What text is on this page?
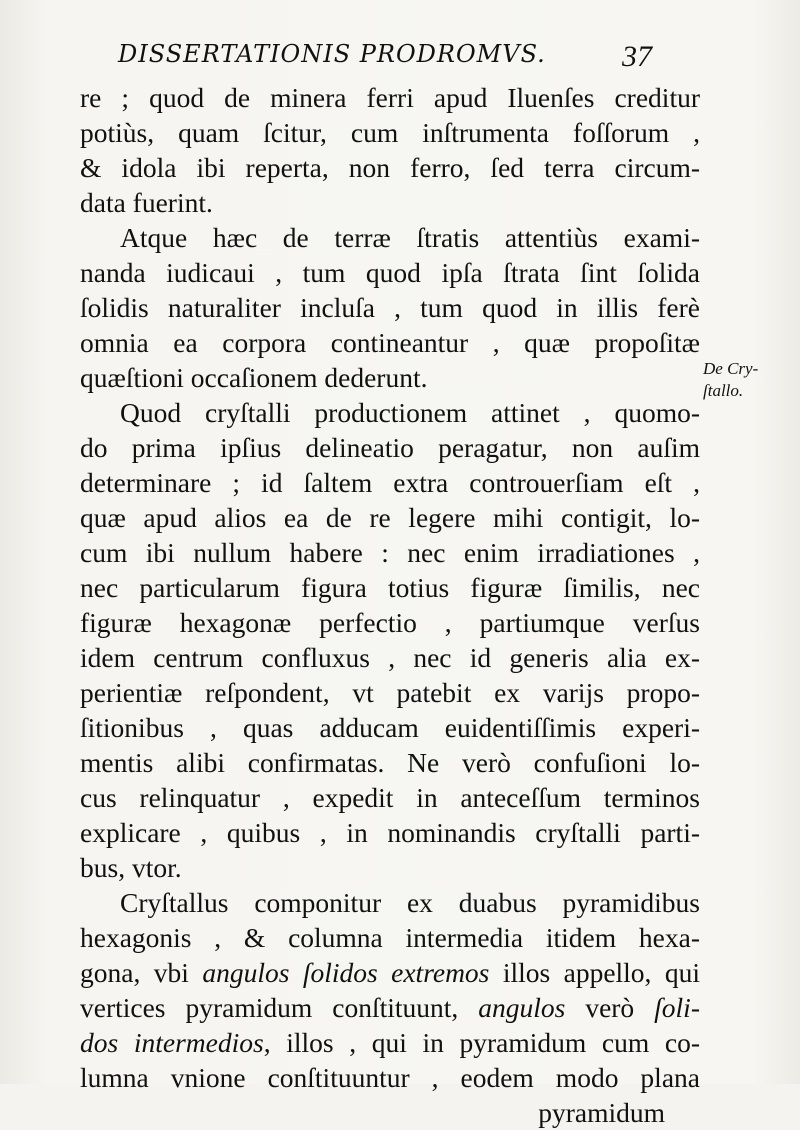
DISSERTATIONIS PRODROMVS.	37
De Cry-
ſtallo.
re ; quod de minera ferri apud Iluenſes creditur
potiùs, quam ſcitur, cum inſtrumenta foſſorum ,
& idola ibi reperta, non ferro, ſed terra circum-
data fuerint.
Atque hæc de terræ ſtratis attentiùs exami-
nanda iudicaui , tum quod ipſa ſtrata ſint ſolida
ſolidis naturaliter incluſa , tum quod in illis ferè
omnia ea corpora contineantur , quæ propoſitæ
quæſtioni occaſionem dederunt.
Quod cryſtalli productionem attinet , quomo-
do prima ipſius delineatio peragatur, non auſim
determinare ; id ſaltem extra controuerſiam eſt ,
quæ apud alios ea de re legere mihi contigit, lo-
cum ibi nullum habere : nec enim irradiationes ,
nec particularum figura totius figuræ ſimilis, nec
figuræ hexagonæ perfectio , partiumque verſus
idem centrum confluxus , nec id generis alia ex-
perientiæ reſpondent, vt patebit ex varijs propo-
ſitionibus , quas adducam euidentiſſimis experi-
mentis alibi confirmatas. Ne verò confuſioni lo-
cus relinquatur , expedit in anteceſſum terminos
explicare , quibus , in nominandis cryſtalli parti-
bus, vtor.
Cryſtallus componitur ex duabus pyramidibus
hexagonis , & columna intermedia itidem hexa-
gona, vbi angulos ſolidos extremos illos appello, qui
vertices pyramidum conſtituunt, angulos verò ſoli-
dos intermedios, illos , qui in pyramidum cum co-
lumna vnione conſtituuntur , eodem modo plana
pyramidum
